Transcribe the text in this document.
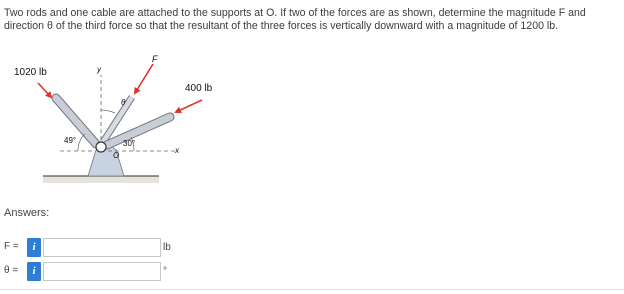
Two rods and one cable are attached to the supports at O. If two of the forces are as shown, determine the magnitude F and direction θ of the third force so that the resultant of the three forces is vertically downward with a magnitude of 1200 lb.
1020 lb
400 lb
F
y
x
θ
49°	30°
O
Answers:
F =	i	lb
θ =	i	°
